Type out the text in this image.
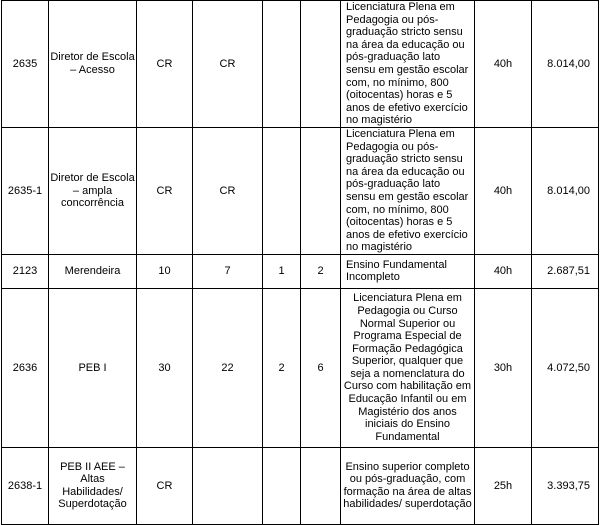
2635	Diretor de Escola – Acesso	CR	CR			Licenciatura Plena em Pedagogia ou pós-graduação stricto sensu na área da educação ou pós-graduação lato sensu em gestão escolar com, no mínimo, 800 (oitocentas) horas e 5 anos de efetivo exercício no magistério	40h	8.014,00
2635-1	Diretor de Escola – ampla concorrência	CR	CR			Licenciatura Plena em Pedagogia ou pós-graduação stricto sensu na área da educação ou pós-graduação lato sensu em gestão escolar com, no mínimo, 800 (oitocentas) horas e 5 anos de efetivo exercício no magistério	40h	8.014,00
2123	Merendeira	10	7	1	2	Ensino Fundamental Incompleto	40h	2.687,51
2636	PEB I	30	22	2	6	Licenciatura Plena em Pedagogia ou Curso Normal Superior ou Programa Especial de Formação Pedagógica Superior, qualquer que seja a nomenclatura do Curso com habilitação em Educação Infantil ou em Magistério dos anos iniciais do Ensino Fundamental	30h	4.072,50
2638-1	PEB II AEE – Altas Habilidades/ Superdotação	CR				Ensino superior completo ou pós-graduação, com formação na área de altas habilidades/ superdotação	25h	3.393,75
